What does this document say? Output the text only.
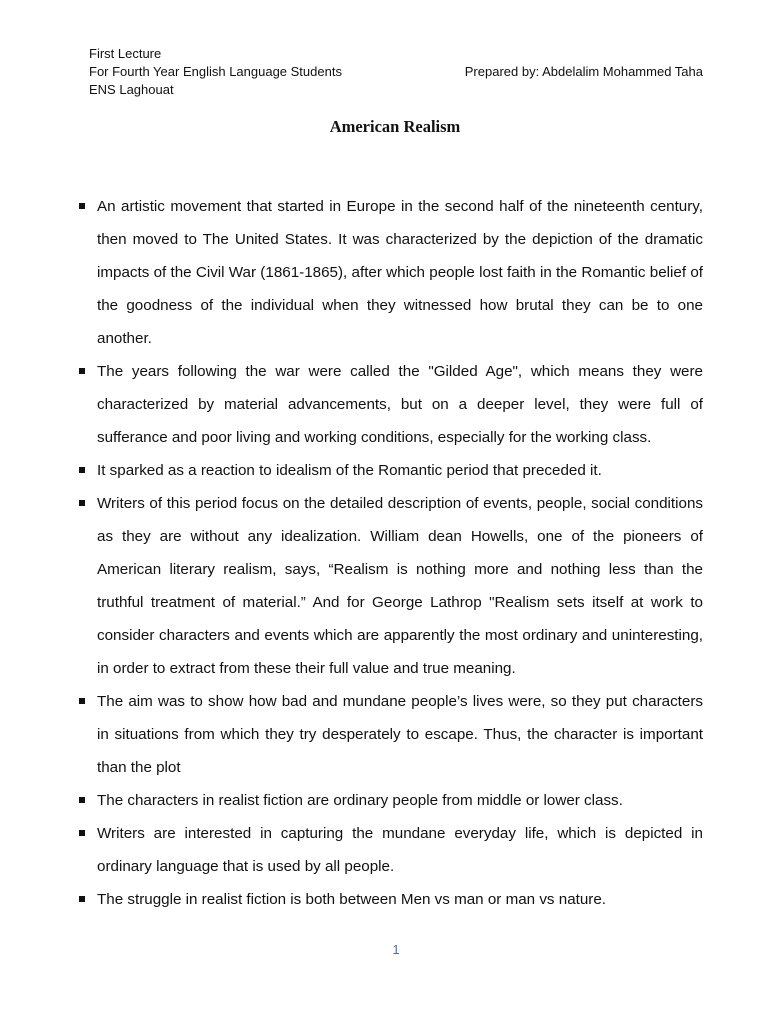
First Lecture
For Fourth Year English Language Students
ENS Laghouat
Prepared by: Abdelalim Mohammed Taha
American Realism
An artistic movement that started in Europe in the second half of the nineteenth century, then moved to The United States. It was characterized by the depiction of the dramatic impacts of the Civil War (1861-1865), after which people lost faith in the Romantic belief of the goodness of the individual when they witnessed how brutal they can be to one another.
The years following the war were called the "Gilded Age", which means they were characterized by material advancements, but on a deeper level, they were full of sufferance and poor living and working conditions, especially for the working class.
It sparked as a reaction to idealism of the Romantic period that preceded it.
Writers of this period focus on the detailed description of events, people, social conditions as they are without any idealization. William dean Howells, one of the pioneers of American literary realism, says, “Realism is nothing more and nothing less than the truthful treatment of material.” And for George Lathrop "Realism sets itself at work to consider characters and events which are apparently the most ordinary and uninteresting, in order to extract from these their full value and true meaning.
The aim was to show how bad and mundane people’s lives were, so they put characters in situations from which they try desperately to escape. Thus, the character is important than the plot
The characters in realist fiction are ordinary people from middle or lower class.
Writers are interested in capturing the mundane everyday life, which is depicted in ordinary language that is used by all people.
The struggle in realist fiction is both between Men vs man or man vs nature.
1
